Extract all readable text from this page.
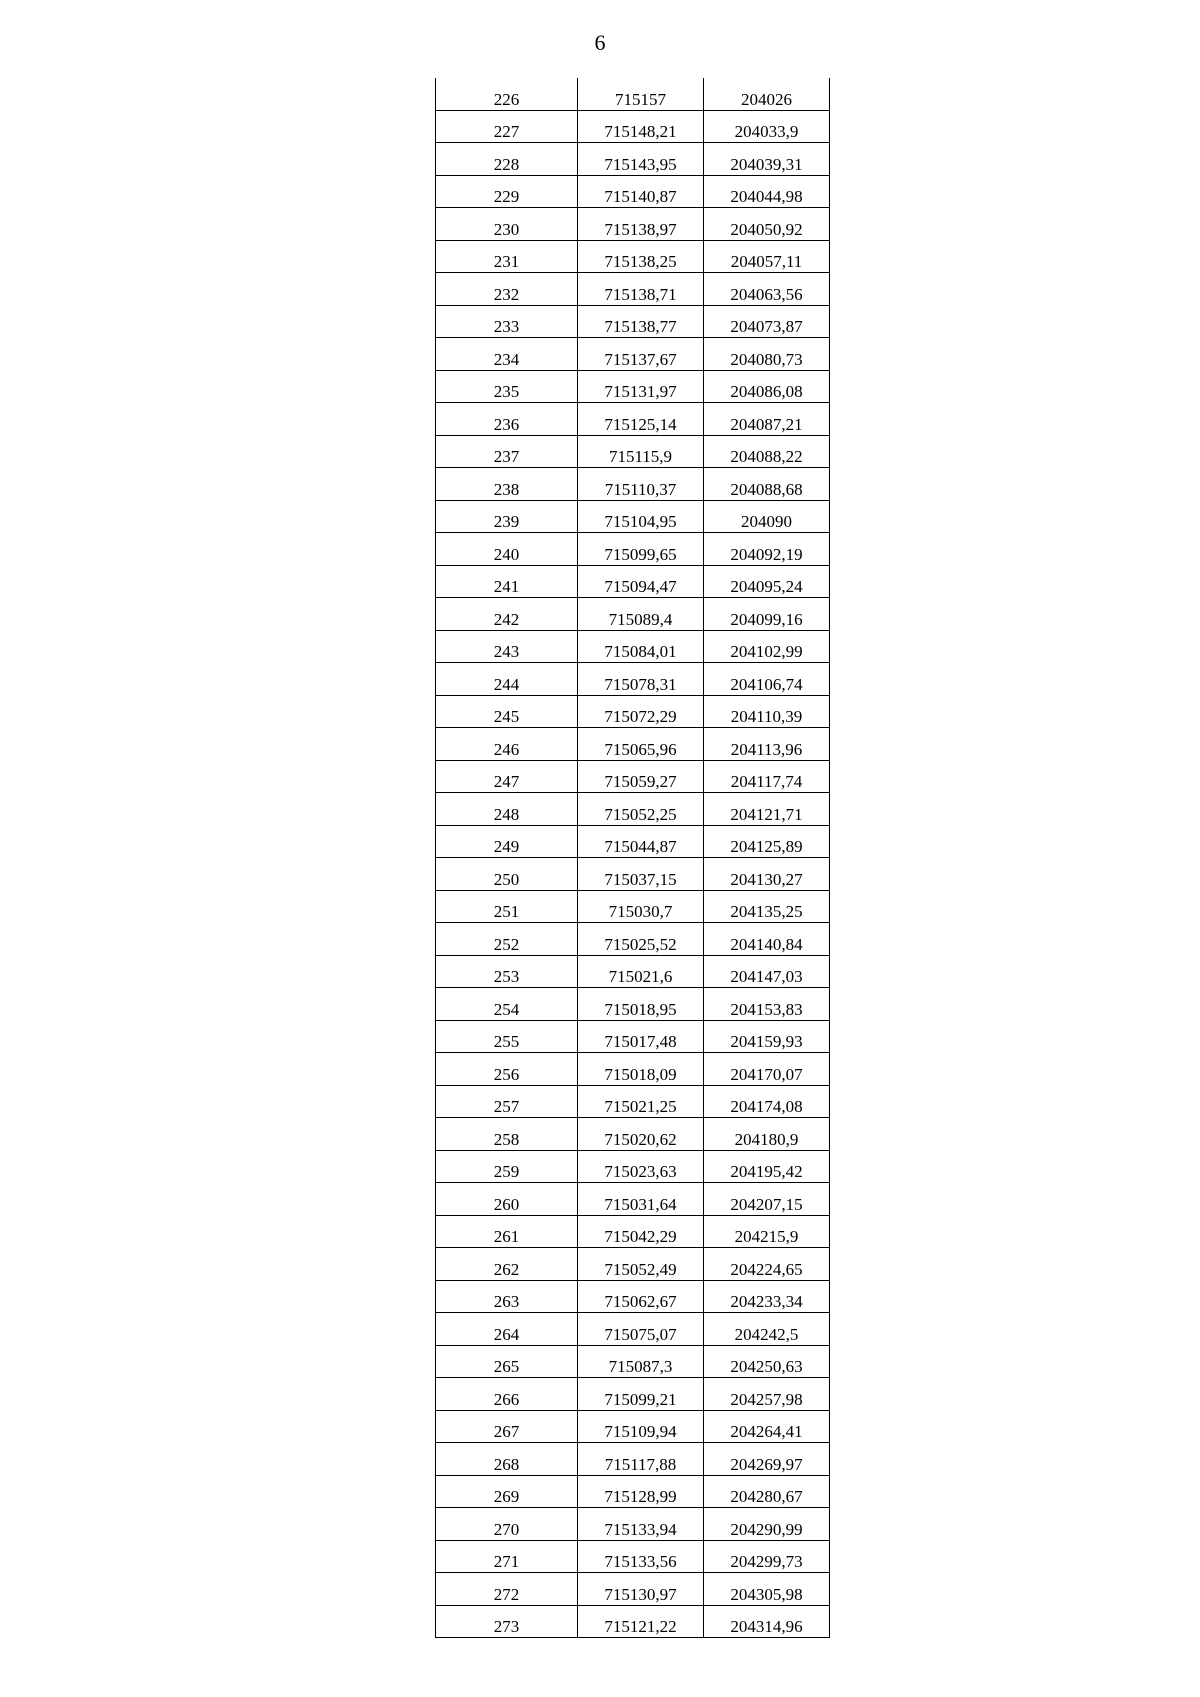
6
226	715157	204026
227	715148,21	204033,9
228	715143,95	204039,31
229	715140,87	204044,98
230	715138,97	204050,92
231	715138,25	204057,11
232	715138,71	204063,56
233	715138,77	204073,87
234	715137,67	204080,73
235	715131,97	204086,08
236	715125,14	204087,21
237	715115,9	204088,22
238	715110,37	204088,68
239	715104,95	204090
240	715099,65	204092,19
241	715094,47	204095,24
242	715089,4	204099,16
243	715084,01	204102,99
244	715078,31	204106,74
245	715072,29	204110,39
246	715065,96	204113,96
247	715059,27	204117,74
248	715052,25	204121,71
249	715044,87	204125,89
250	715037,15	204130,27
251	715030,7	204135,25
252	715025,52	204140,84
253	715021,6	204147,03
254	715018,95	204153,83
255	715017,48	204159,93
256	715018,09	204170,07
257	715021,25	204174,08
258	715020,62	204180,9
259	715023,63	204195,42
260	715031,64	204207,15
261	715042,29	204215,9
262	715052,49	204224,65
263	715062,67	204233,34
264	715075,07	204242,5
265	715087,3	204250,63
266	715099,21	204257,98
267	715109,94	204264,41
268	715117,88	204269,97
269	715128,99	204280,67
270	715133,94	204290,99
271	715133,56	204299,73
272	715130,97	204305,98
273	715121,22	204314,96
